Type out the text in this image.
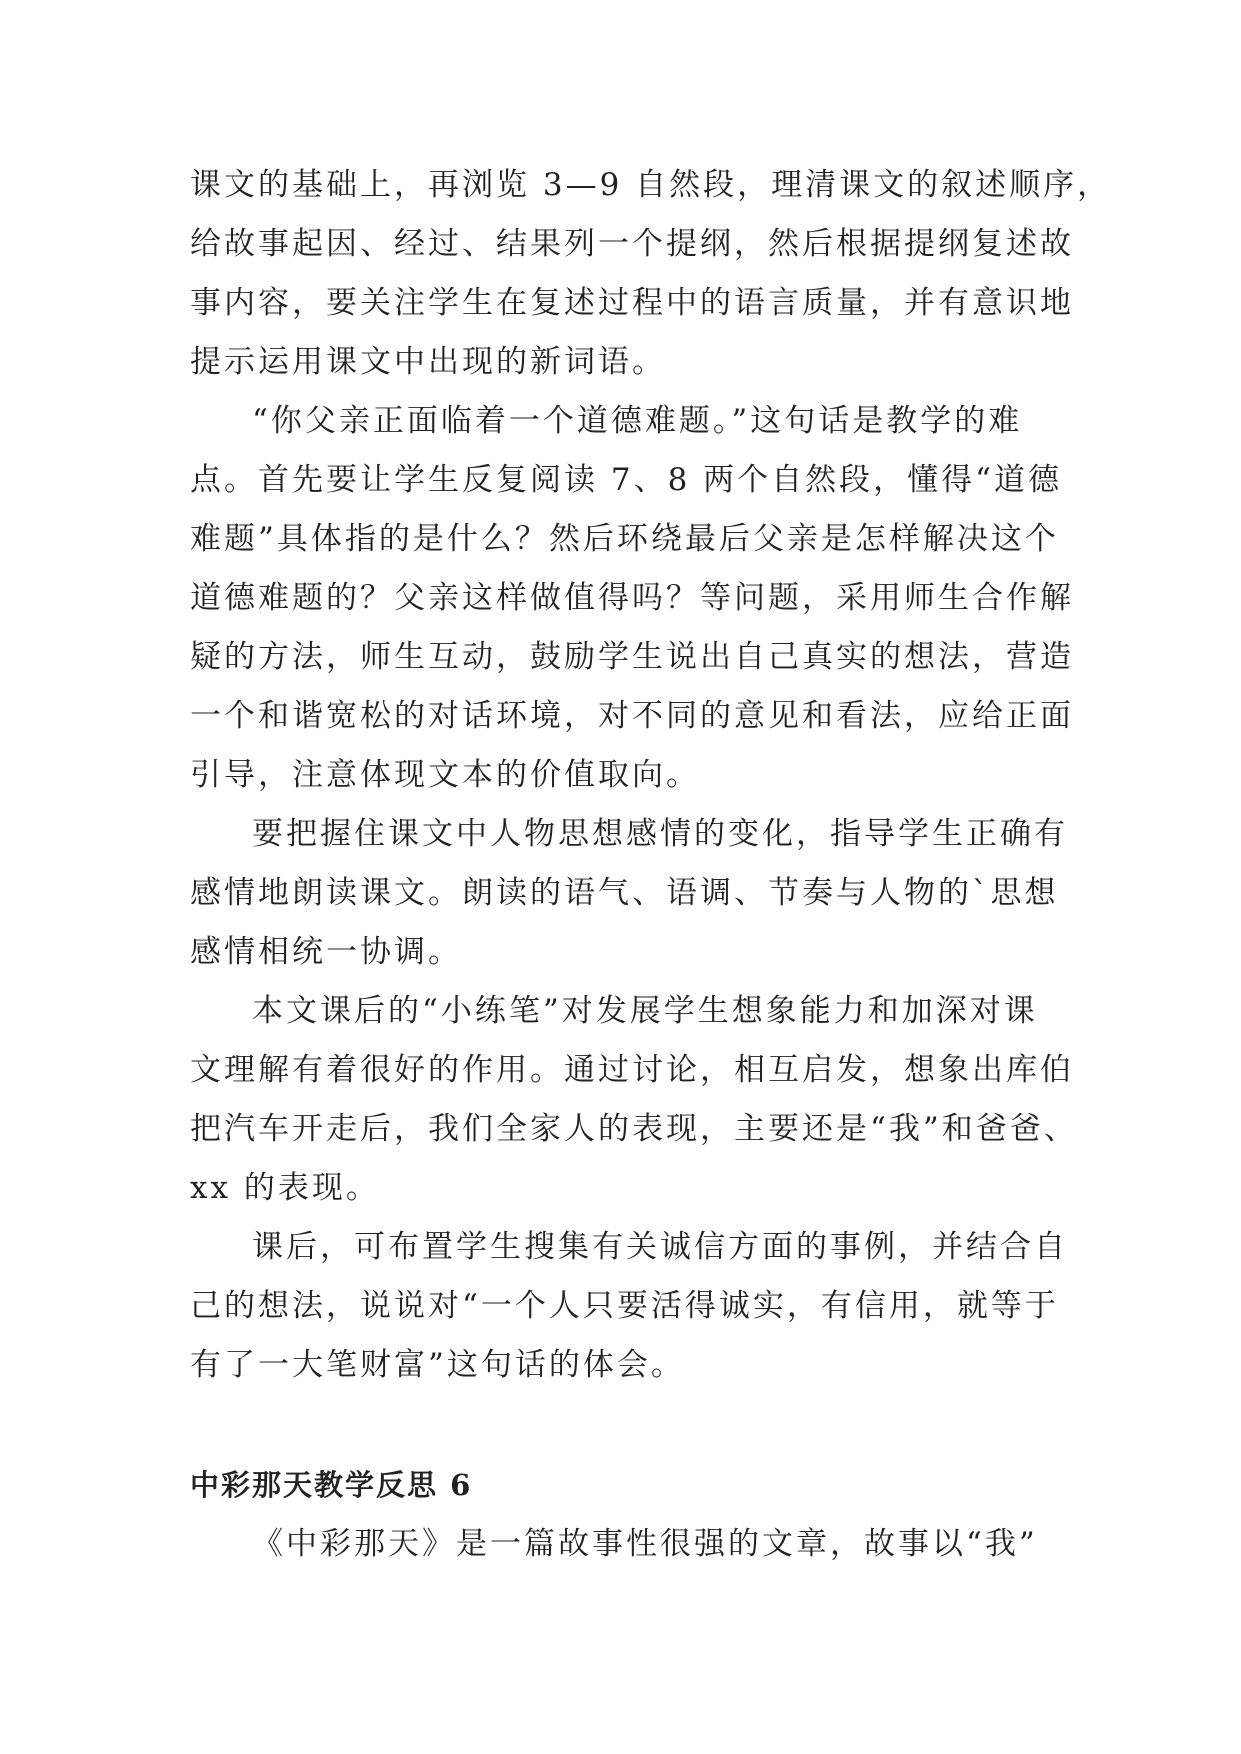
课文的基础上，再浏览 3—9 自然段，理清课文的叙述顺序，
给故事起因、经过、结果列一个提纲，然后根据提纲复述故
事内容，要关注学生在复述过程中的语言质量，并有意识地
提示运用课文中出现的新词语。

“你父亲正面临着一个道德难题。”这句话是教学的难
点。首先要让学生反复阅读 7、8 两个自然段，懂得“道德
难题”具体指的是什么？然后环绕最后父亲是怎样解决这个
道德难题的？父亲这样做值得吗？等问题，采用师生合作解
疑的方法，师生互动，鼓励学生说出自己真实的想法，营造
一个和谐宽松的对话环境，对不同的意见和看法，应给正面
引导，注意体现文本的价值取向。

要把握住课文中人物思想感情的变化，指导学生正确有
感情地朗读课文。朗读的语气、语调、节奏与人物的`思想
感情相统一协调。

本文课后的“小练笔”对发展学生想象能力和加深对课
文理解有着很好的作用。通过讨论，相互启发，想象出库伯
把汽车开走后，我们全家人的表现，主要还是“我”和爸爸、
xx 的表现。

课后，可布置学生搜集有关诚信方面的事例，并结合自
己的想法，说说对“一个人只要活得诚实，有信用，就等于
有了一大笔财富”这句话的体会。

中彩那天教学反思 6

《中彩那天》是一篇故事性很强的文章，故事以“我”
